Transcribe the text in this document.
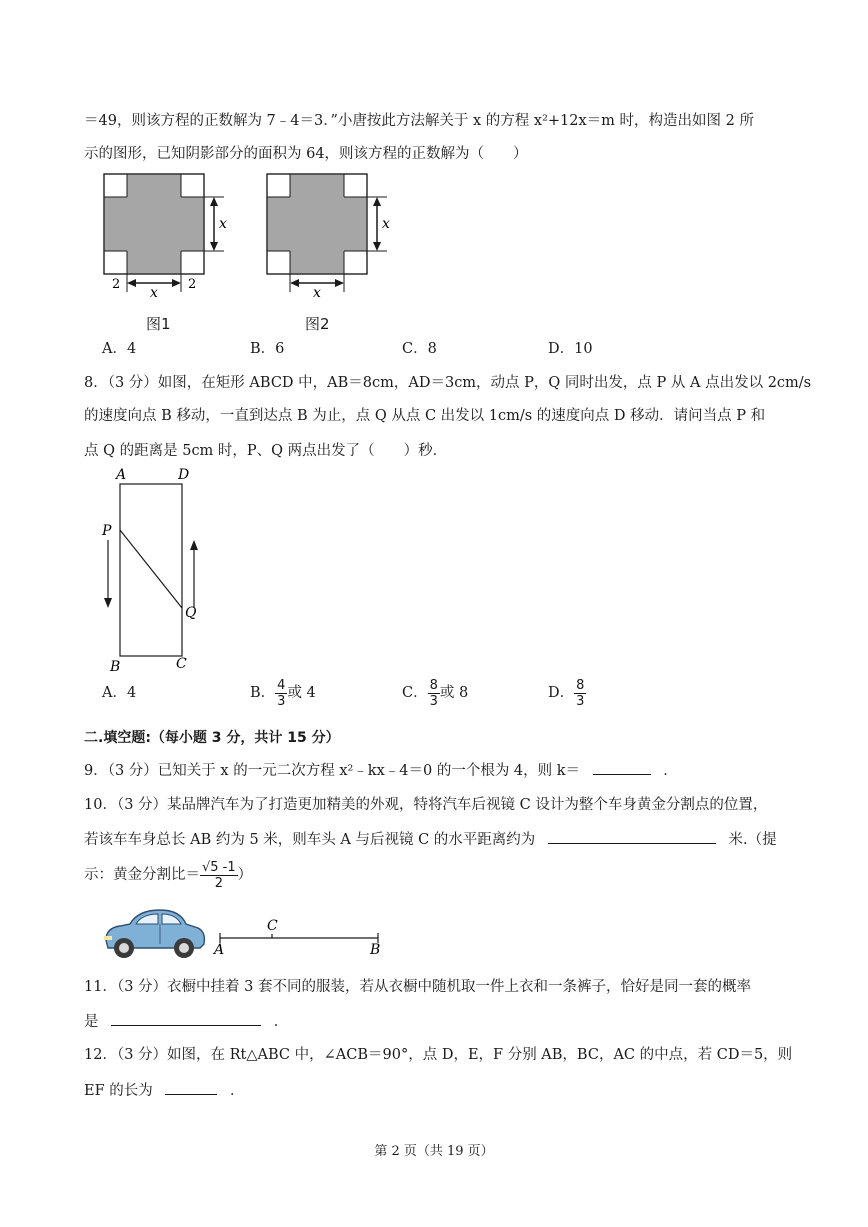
＝49，则该方程的正数解为 7﹣4＝3．”小唐按此方法解关于 x 的方程 x²+12x＝m 时，构造出如图 2 所
示的图形，已知阴影部分的面积为 64，则该方程的正数解为（　　）
x
2	2
x
图1
x
x
图2
A．4	B．6	C．8	D．10
8．（3 分）如图，在矩形 ABCD 中，AB＝8cm，AD＝3cm，动点 P，Q 同时出发，点 P 从 A 点出发以 2cm/s
的速度向点 B 移动，一直到达点 B 为止，点 Q 从点 C 出发以 1cm/s 的速度向点 D 移动．请问当点 P 和
点 Q 的距离是 5cm 时，P、Q 两点出发了（　　）秒．
A	D
P
Q
B	C
A．4	B． $\frac{4}{3}$ 或 4	C． $\frac{8}{3}$ 或 8	D． $\frac{8}{3}$
二.填空题:（每小题 3 分，共计 15 分）
9．（3 分）已知关于 x 的一元二次方程 x²﹣kx﹣4＝0 的一个根为 4，则 k＝	．
10．（3 分）某品牌汽车为了打造更加精美的外观，特将汽车后视镜 C 设计为整个车身黄金分割点的位置，
若该车车身总长 AB 约为 5 米，则车头 A 与后视镜 C 的水平距离约为	米.（提
示：黄金分割比＝ $\frac{√5 -1}{2}$ ）
A
C
B
11．（3 分）衣橱中挂着 3 套不同的服装，若从衣橱中随机取一件上衣和一条裤子，恰好是同一套的概率
是	．
12．（3 分）如图，在 Rt△ABC 中，∠ACB＝90°，点 D，E，F 分别 AB，BC，AC 的中点，若 CD＝5，则
EF 的长为	．
第 2 页（共 19 页）
